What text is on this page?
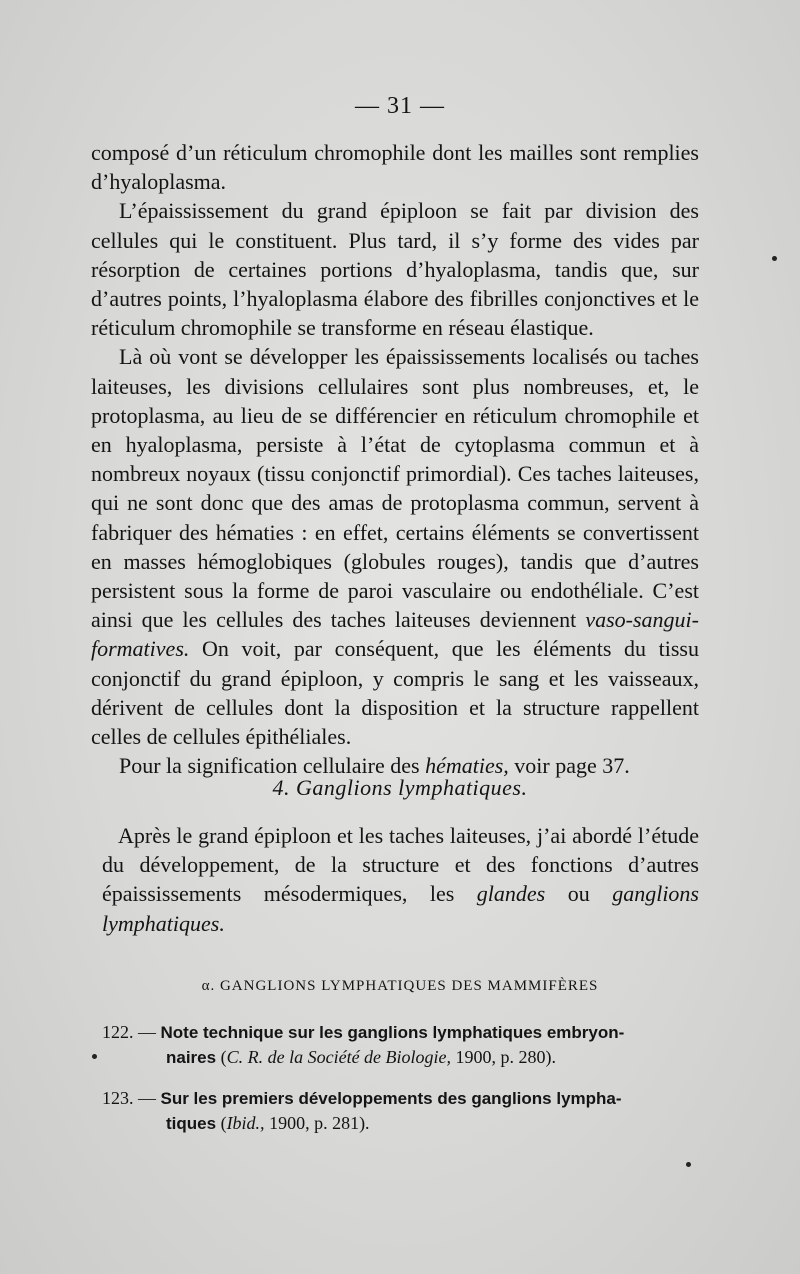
— 31 —

composé d’un réticulum chromophile dont les mailles sont remplies d’hyaloplasma.

L’épaississement du grand épiploon se fait par division des cellules qui le constituent. Plus tard, il s’y forme des vides par résorption de certaines portions d’hyaloplasma, tandis que, sur d’autres points, l’hyaloplasma élabore des fibrilles conjonctives et le réticulum chromophile se transforme en réseau élastique.

Là où vont se développer les épaississements localisés ou taches laiteuses, les divisions cellulaires sont plus nombreuses, et, le protoplasma, au lieu de se différencier en réticulum chromophile et en hyaloplasma, persiste à l’état de cytoplasma commun et à nombreux noyaux (tissu conjonctif primordial). Ces taches laiteuses, qui ne sont donc que des amas de protoplasma commun, servent à fabriquer des hématies : en effet, certains éléments se convertissent en masses hémoglobiques (globules rouges), tandis que d’autres persistent sous la forme de paroi vasculaire ou endothéliale. C’est ainsi que les cellules des taches laiteuses deviennent vaso-sangui-formatives. On voit, par conséquent, que les éléments du tissu conjonctif du grand épiploon, y compris le sang et les vaisseaux, dérivent de cellules dont la disposition et la structure rappellent celles de cellules épithéliales.

Pour la signification cellulaire des hématies, voir page 37.

4. Ganglions lymphatiques.

Après le grand épiploon et les taches laiteuses, j’ai abordé l’étude du développement, de la structure et des fonctions d’autres épaississements mésodermiques, les glandes ou ganglions lymphatiques.

α. GANGLIONS LYMPHATIQUES DES MAMMIFÈRES
122. — Note technique sur les ganglions lymphatiques embryon-
naires (C. R. de la Société de Biologie, 1900, p. 280).
123. — Sur les premiers développements des ganglions lympha-
tiques (Ibid., 1900, p. 281).
